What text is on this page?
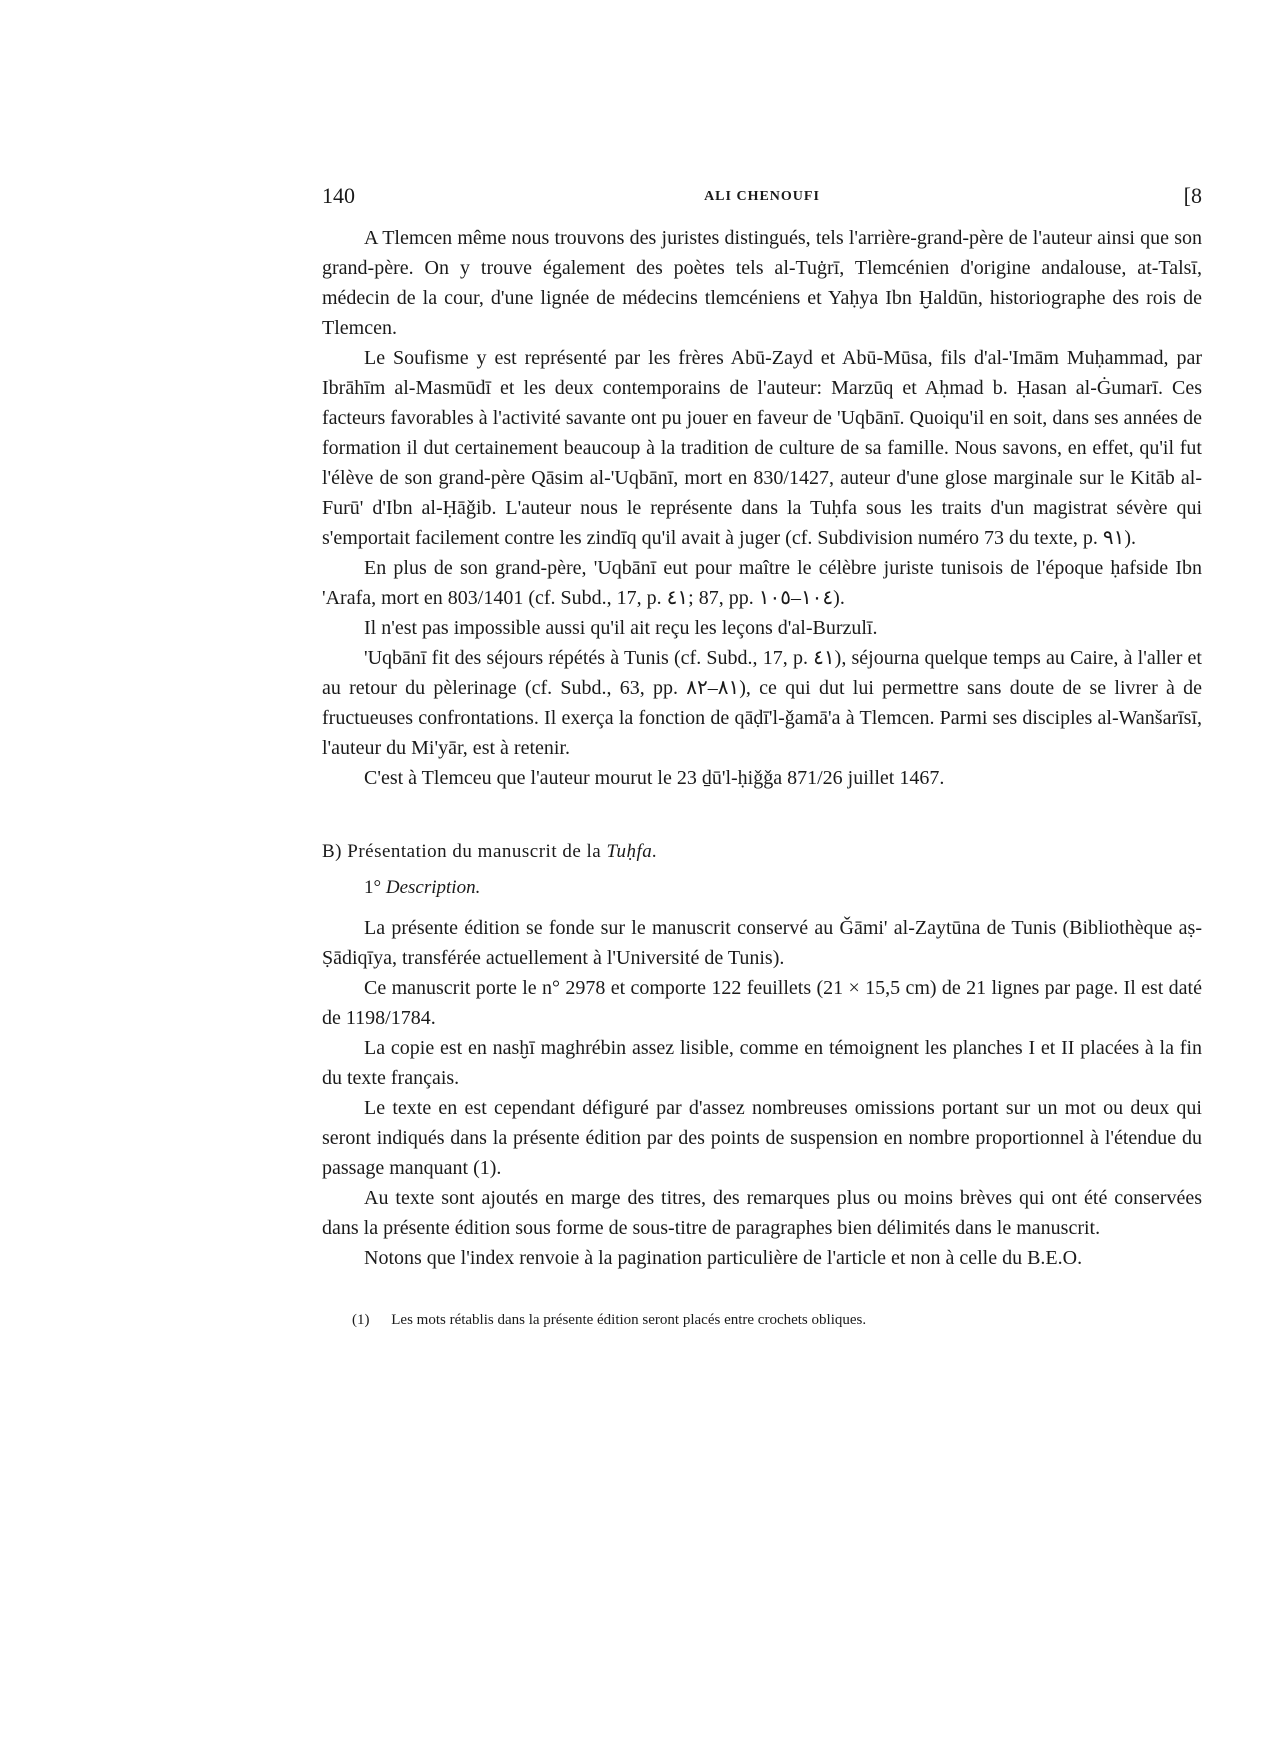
140	ALI CHENOUFI	[8

A Tlemcen même nous trouvons des juristes distingués, tels l'arrière-grand-père de l'auteur ainsi que son grand-père. On y trouve également des poètes tels al-Tuġrī, Tlemcénien d'origine andalouse, at-Talsī, médecin de la cour, d'une lignée de médecins tlemcéniens et Yaḥya Ibn Ḫaldūn, historiographe des rois de Tlemcen.

Le Soufisme y est représenté par les frères Abū-Zayd et Abū-Mūsa, fils d'al-'Imām Muḥammad, par Ibrāhīm al-Masmūdī et les deux contemporains de l'auteur: Marzūq et Aḥmad b. Ḥasan al-Ġumarī. Ces facteurs favorables à l'activité savante ont pu jouer en faveur de 'Uqbānī. Quoiqu'il en soit, dans ses années de formation il dut certainement beaucoup à la tradition de culture de sa famille. Nous savons, en effet, qu'il fut l'élève de son grand-père Qāsim al-'Uqbānī, mort en 830/1427, auteur d'une glose marginale sur le Kitāb al-Furū' d'Ibn al-Ḥāǧib. L'auteur nous le représente dans la Tuḥfa sous les traits d'un magistrat sévère qui s'emportait facilement contre les zindīq qu'il avait à juger (cf. Subdivision numéro 73 du texte, p. ٩١).

En plus de son grand-père, 'Uqbānī eut pour maître le célèbre juriste tunisois de l'époque ḥafside Ibn 'Arafa, mort en 803/1401 (cf. Subd., 17, p. ٤١; 87, pp. ١٠٤–١٠٥).

Il n'est pas impossible aussi qu'il ait reçu les leçons d'al-Burzulī.

'Uqbānī fit des séjours répétés à Tunis (cf. Subd., 17, p. ٤١), séjourna quelque temps au Caire, à l'aller et au retour du pèlerinage (cf. Subd., 63, pp. ٨١–٨٢), ce qui dut lui permettre sans doute de se livrer à de fructueuses confrontations. Il exerça la fonction de qāḍī'l-ǧamā'a à Tlemcen. Parmi ses disciples al-Wanšarīsī, l'auteur du Mi'yār, est à retenir.

C'est à Tlemceu que l'auteur mourut le 23 ḏū'l-ḥiǧǧa 871/26 juillet 1467.

B) Présentation du manuscrit de la Tuḥfa.
1° Description.

La présente édition se fonde sur le manuscrit conservé au Ǧāmi' al-Zaytūna de Tunis (Bibliothèque aṣ-Ṣādiqīya, transférée actuellement à l'Université de Tunis).

Ce manuscrit porte le n° 2978 et comporte 122 feuillets (21 × 15,5 cm) de 21 lignes par page. Il est daté de 1198/1784.

La copie est en nasḫī maghrébin assez lisible, comme en témoignent les planches I et II placées à la fin du texte français.

Le texte en est cependant défiguré par d'assez nombreuses omissions portant sur un mot ou deux qui seront indiqués dans la présente édition par des points de suspension en nombre proportionnel à l'étendue du passage manquant (1).

Au texte sont ajoutés en marge des titres, des remarques plus ou moins brèves qui ont été conservées dans la présente édition sous forme de sous-titre de paragraphes bien délimités dans le manuscrit.

Notons que l'index renvoie à la pagination particulière de l'article et non à celle du B.E.O.

(1) Les mots rétablis dans la présente édition seront placés entre crochets obliques.
